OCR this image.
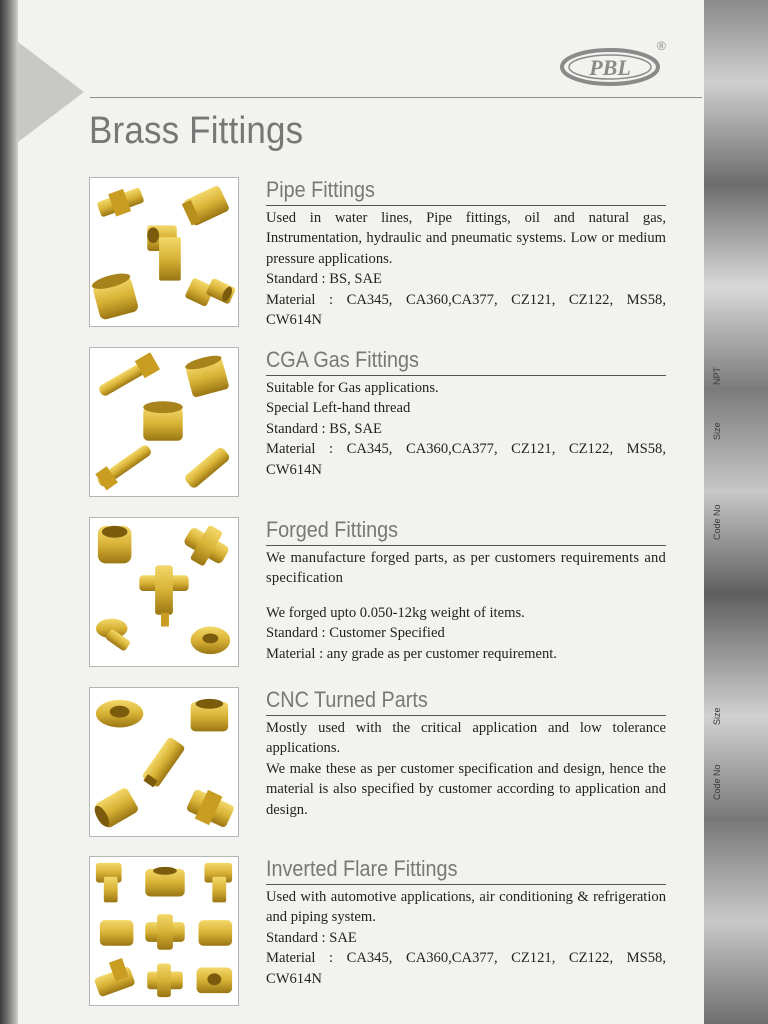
PBL
®
Brass Fittings
Pipe Fittings

Used in water lines, Pipe fittings, oil and natural gas, Instrumentation, hydraulic and pneumatic systems. Low or medium pressure applications.

Standard : BS, SAE

Material : CA345, CA360,CA377, CZ121, CZ122, MS58, CW614N

CGA Gas Fittings

Suitable for Gas applications.

Special Left-hand thread

Standard : BS, SAE

Material : CA345, CA360,CA377, CZ121, CZ122, MS58, CW614N

Forged Fittings

We manufacture forged parts, as per customers requirements and specification

We forged upto 0.050-12kg weight of items.

Standard : Customer Specified

Material : any grade as per customer requirement.

CNC Turned Parts

Mostly used with the critical application and low tolerance applications.

We make these as per customer specification and design, hence the material is also specified by customer according to application and design.

Inverted Flare Fittings

Used with automotive applications, air conditioning & refrigeration and piping system.

Standard : SAE

Material : CA345, CA360,CA377, CZ121, CZ122, MS58, CW614N

Code No
Size
NPT
Code No
Size
